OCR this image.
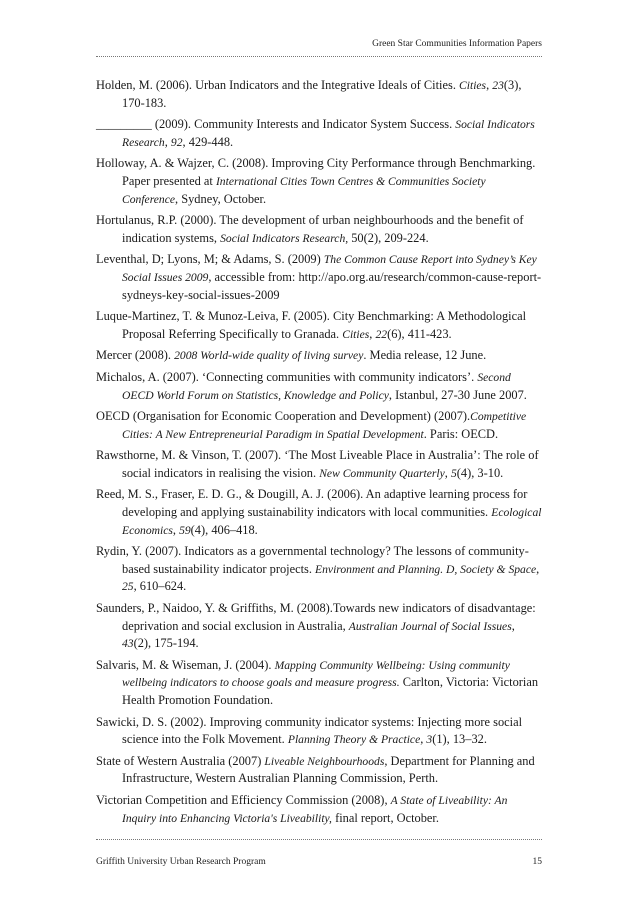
Green Star Communities Information Papers

Holden, M. (2006). Urban Indicators and the Integrative Ideals of Cities. Cities, 23(3), 170-183.

_________ (2009). Community Interests and Indicator System Success. Social Indicators Research, 92, 429-448.

Holloway, A. & Wajzer, C. (2008). Improving City Performance through Benchmarking. Paper presented at International Cities Town Centres & Communities Society Conference, Sydney, October.

Hortulanus, R.P. (2000). The development of urban neighbourhoods and the benefit of indication systems, Social Indicators Research, 50(2), 209-224.

Leventhal, D; Lyons, M; & Adams, S. (2009) The Common Cause Report into Sydney’s Key Social Issues 2009, accessible from: http://apo.org.au/research/common-cause-report-sydneys-key-social-issues-2009

Luque-Martinez, T. & Munoz-Leiva, F. (2005). City Benchmarking: A Methodological Proposal Referring Specifically to Granada. Cities, 22(6), 411-423.

Mercer (2008). 2008 World-wide quality of living survey. Media release, 12 June.

Michalos, A. (2007). ‘Connecting communities with community indicators’. Second OECD World Forum on Statistics, Knowledge and Policy, Istanbul, 27-30 June 2007.

OECD (Organisation for Economic Cooperation and Development) (2007).Competitive Cities: A New Entrepreneurial Paradigm in Spatial Development. Paris: OECD.

Rawsthorne, M. & Vinson, T. (2007). ‘The Most Liveable Place in Australia’: The role of social indicators in realising the vision. New Community Quarterly, 5(4), 3-10.

Reed, M. S., Fraser, E. D. G., & Dougill, A. J. (2006). An adaptive learning process for developing and applying sustainability indicators with local communities. Ecological Economics, 59(4), 406–418.

Rydin, Y. (2007). Indicators as a governmental technology? The lessons of community-based sustainability indicator projects. Environment and Planning. D, Society & Space, 25, 610–624.

Saunders, P., Naidoo, Y. & Griffiths, M. (2008).Towards new indicators of disadvantage: deprivation and social exclusion in Australia, Australian Journal of Social Issues, 43(2), 175-194.

Salvaris, M. & Wiseman, J. (2004). Mapping Community Wellbeing: Using community wellbeing indicators to choose goals and measure progress. Carlton, Victoria: Victorian Health Promotion Foundation.

Sawicki, D. S. (2002). Improving community indicator systems: Injecting more social science into the Folk Movement. Planning Theory & Practice, 3(1), 13–32.

State of Western Australia (2007) Liveable Neighbourhoods, Department for Planning and Infrastructure, Western Australian Planning Commission, Perth.

Victorian Competition and Efficiency Commission (2008), A State of Liveability: An Inquiry into Enhancing Victoria's Liveability, final report, October.

Griffith University Urban Research Program	15
